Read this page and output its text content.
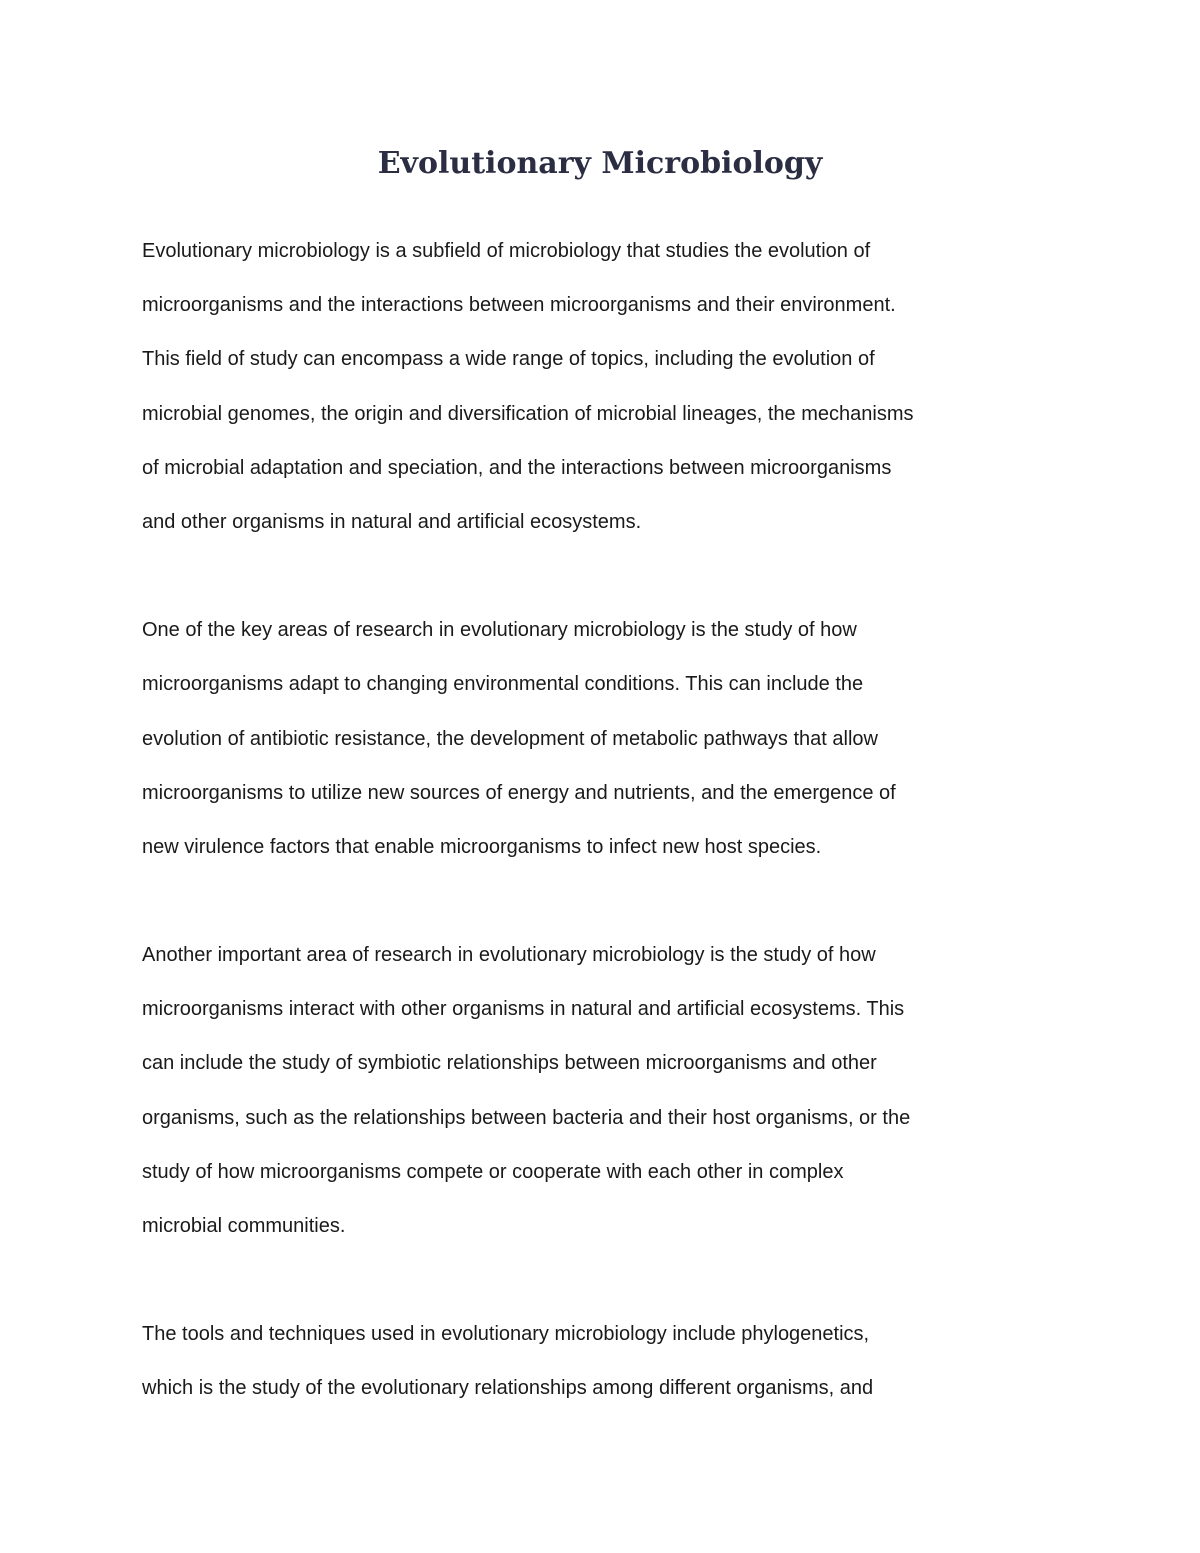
Evolutionary Microbiology
Evolutionary microbiology is a subfield of microbiology that studies the evolution of
microorganisms and the interactions between microorganisms and their environment.
This field of study can encompass a wide range of topics, including the evolution of
microbial genomes, the origin and diversification of microbial lineages, the mechanisms
of microbial adaptation and speciation, and the interactions between microorganisms
and other organisms in natural and artificial ecosystems.
One of the key areas of research in evolutionary microbiology is the study of how
microorganisms adapt to changing environmental conditions. This can include the
evolution of antibiotic resistance, the development of metabolic pathways that allow
microorganisms to utilize new sources of energy and nutrients, and the emergence of
new virulence factors that enable microorganisms to infect new host species.
Another important area of research in evolutionary microbiology is the study of how
microorganisms interact with other organisms in natural and artificial ecosystems. This
can include the study of symbiotic relationships between microorganisms and other
organisms, such as the relationships between bacteria and their host organisms, or the
study of how microorganisms compete or cooperate with each other in complex
microbial communities.
The tools and techniques used in evolutionary microbiology include phylogenetics,
which is the study of the evolutionary relationships among different organisms, and
